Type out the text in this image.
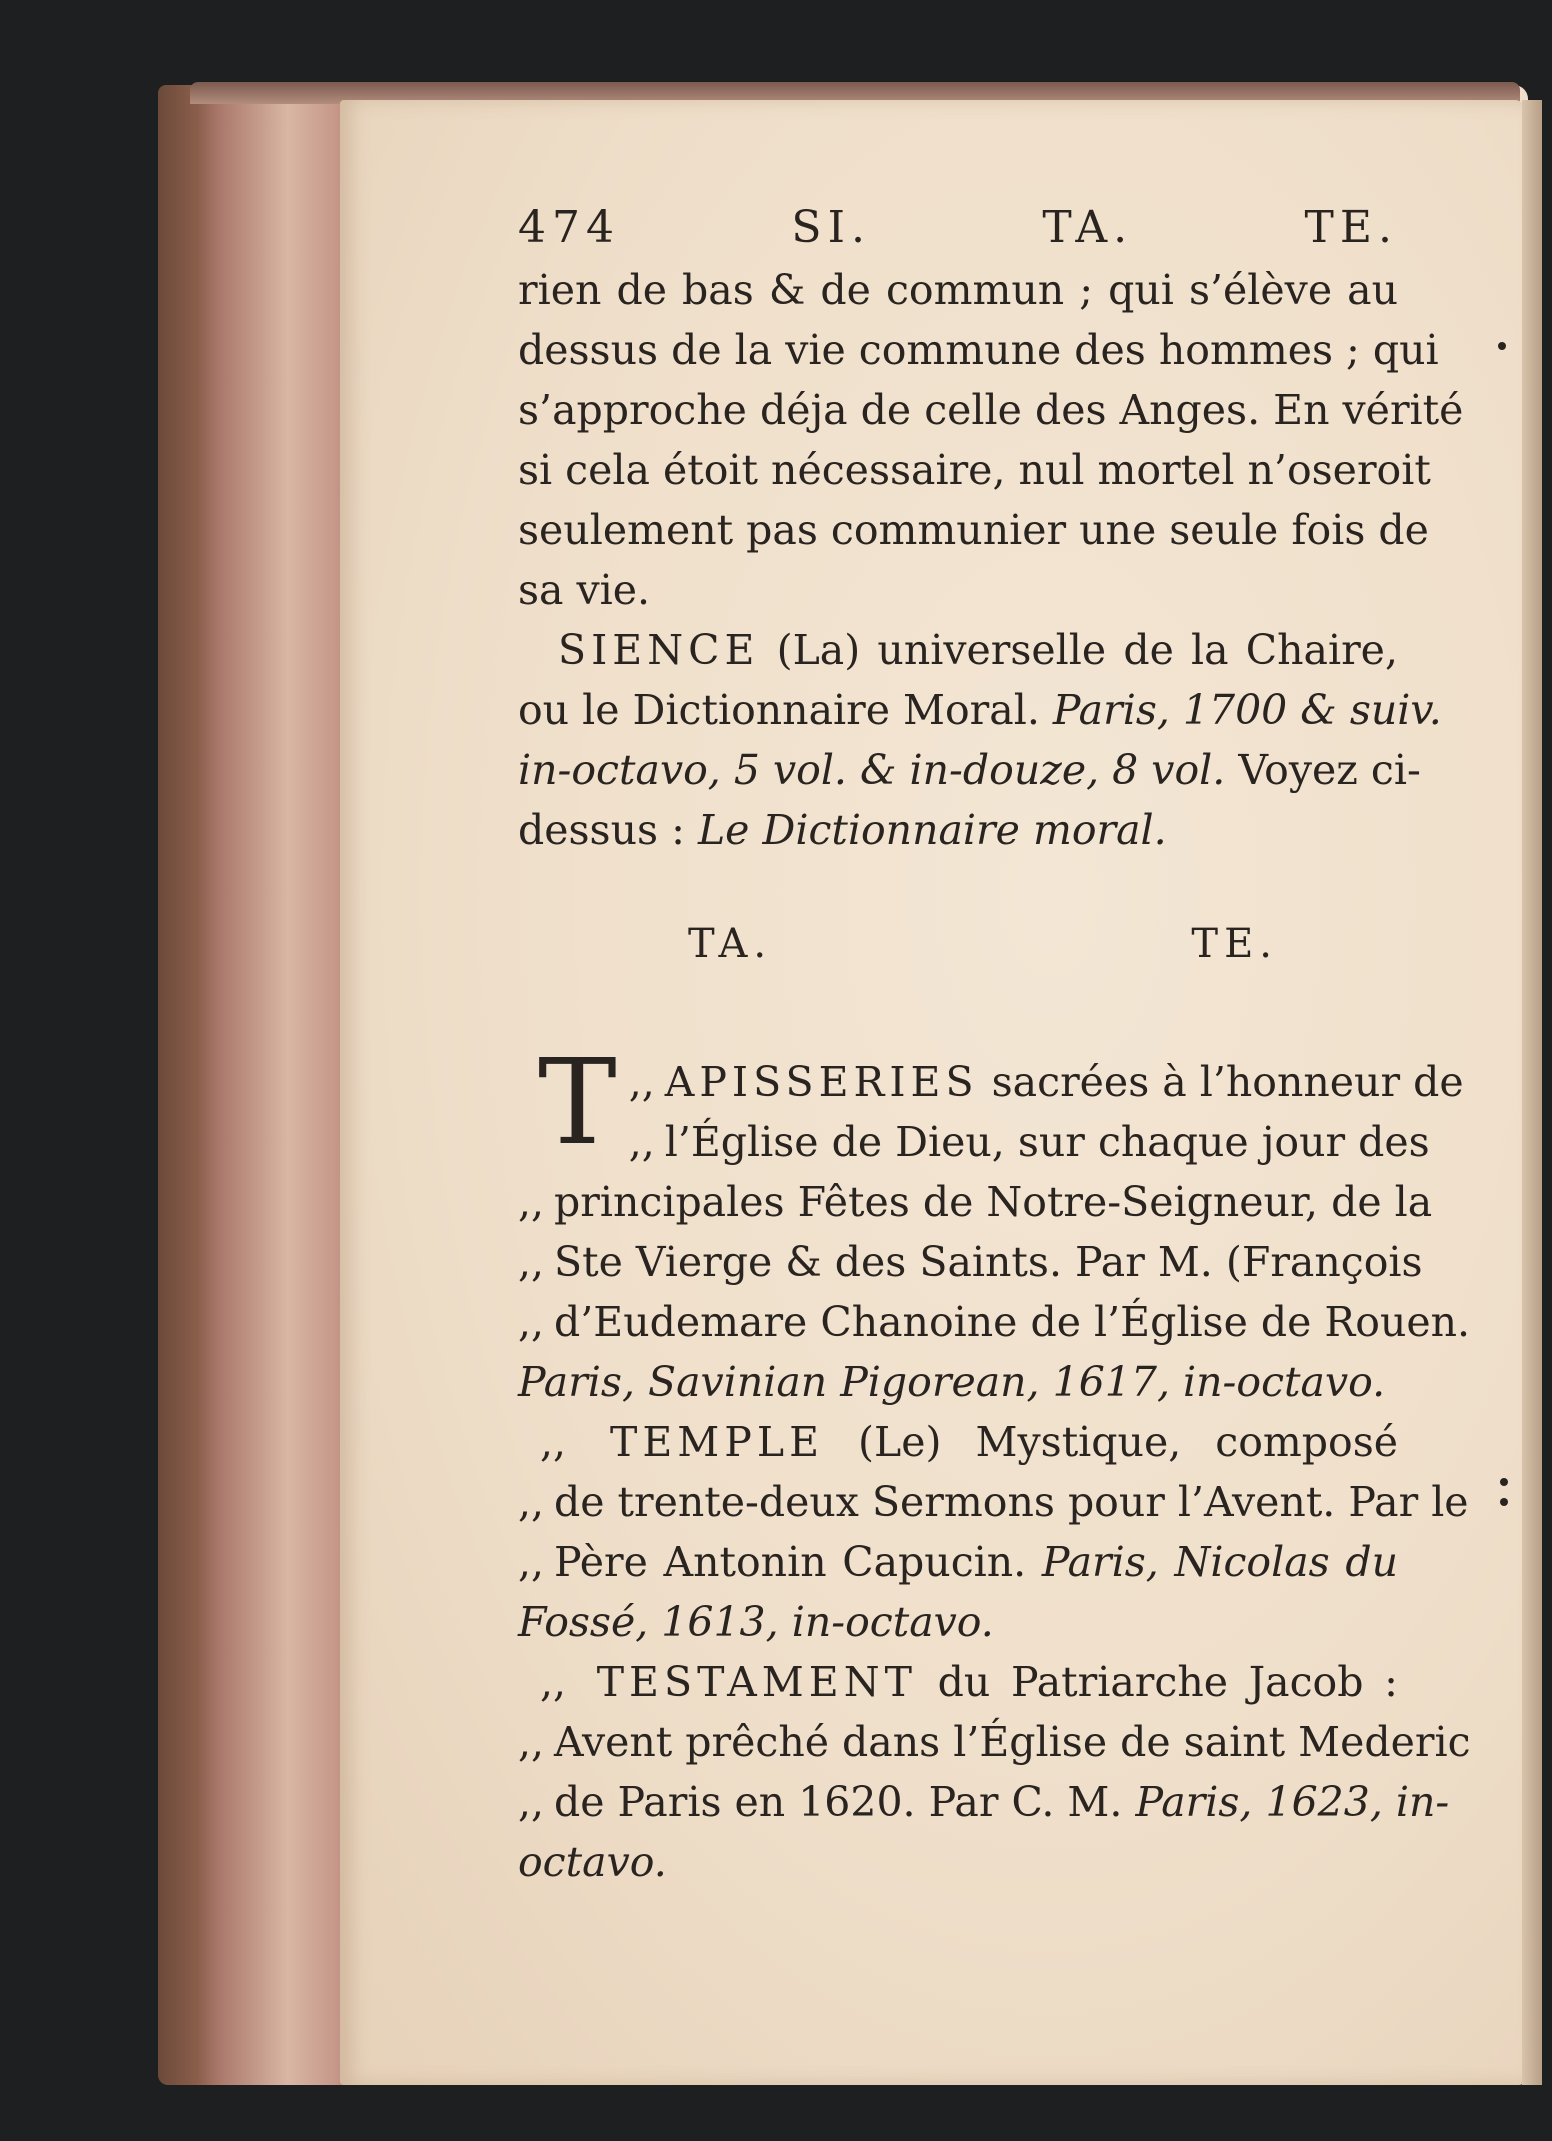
474	SI.	TA.	TE.
rien de bas & de commun ; qui s’élève au
dessus de la vie commune des hommes ; qui
s’approche déja de celle des Anges. En vérité
si cela étoit nécessaire, nul mortel n’oseroit
seulement pas communier une seule fois de
sa vie.
SIENCE (La) universelle de la Chaire,
ou le Dictionnaire Moral. Paris, 1700 & suiv.
in-octavo, 5 vol. & in-douze, 8 vol. Voyez ci-
dessus : Le Dictionnaire moral.
TA.	TE.
,,
T APISSERIES sacrées à l’honneur de
,, l’Église de Dieu, sur chaque jour des
,, principales Fêtes de Notre-Seigneur, de la
,, Ste Vierge & des Saints. Par M. (François
,, d’Eudemare Chanoine de l’Église de Rouen.
Paris, Savinian Pigorean, 1617, in-octavo.
,, TEMPLE (Le) Mystique, composé
,, de trente-deux Sermons pour l’Avent. Par le
,, Père Antonin Capucin. Paris, Nicolas du
Fossé, 1613, in-octavo.
,, TESTAMENT du Patriarche Jacob :
,, Avent prêché dans l’Église de saint Mederic
,, de Paris en 1620. Par C. M. Paris, 1623, in-
octavo.
